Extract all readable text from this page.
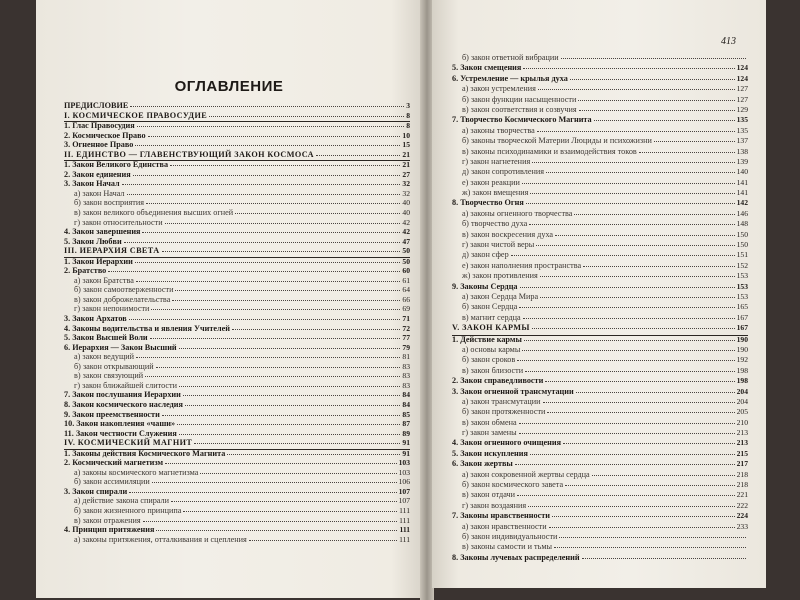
ОГЛАВЛЕНИЕ
ПРЕДИСЛОВИЕ	3
I. КОСМИЧЕСКОЕ ПРАВОСУДИЕ	8
1. Глас Правосудия	8
2. Космическое Право	10
3. Огненное Право	15
II. ЕДИНСТВО — ГЛАВЕНСТВУЮЩИЙ ЗАКОН КОСМОСА	21
1. Закон Великого Единства	21
2. Закон единения	27
3. Закон Начал	32
а) закон Начал	32
б) закон восприятия	40
в) закон великого объединения высших огней	40
г) закон относительности	42
4. Закон завершения	42
5. Закон Любви	47
III. ИЕРАРХИЯ СВЕТА	50
1. Закон Иерархии	50
2. Братство	60
а) закон Братства	61
б) закон самоотверженности	64
в) закон доброжелательства	66
г) закон непонимости	69
3. Закон Архатов	71
4. Законы водительства и явления Учителей	72
5. Закон Высшей Воли	77
6. Иерархия — Закон Высший	79
а) закон ведущий	81
б) закон открывающий	83
в) закон связующий	83
г) закон ближайшей слитости	83
7. Закон послушания Иерархии	84
8. Закон космического наследия	84
9. Закон преемственности	85
10. Закон накопления «чаши»	87
11. Закон честности Служения	89
IV. КОСМИЧЕСКИЙ МАГНИТ	91
1. Законы действия Космического Магнита	91
2. Космический магнетизм	103
а) законы космического магнетизма	103
б) закон ассимиляции	106
3. Закон спирали	107
а) действие закона спирали	107
б) закон жизненного принципа	111
в) закон отражения	111
4. Принцип притяжения	111
а) законы притяжения, отталкивания и сцепления	111
413
б) закон ответной вибрации
5. Закон смещения	124
6. Устремление — крылья духа	124
а) закон устремления	127
б) закон функции насыщенности	127
в) закон соответствия и созвучия	129
7. Творчество Космического Магнита	135
а) законы творчества	135
б) законы творческой Материи Люциды и психожизни	137
в) законы психодинамики и взаимодействия токов	138
г) закон нагнетения	139
д) закон сопротивления	140
е) закон реакции	141
ж) закон вмещения	141
8. Творчество Огня	142
а) законы огненного творчества	146
б) творчество духа	148
в) закон воскресения духа	150
г) закон чистой веры	150
д) закон сфер	151
е) закон наполнения пространства	152
ж) закон противления	153
9. Законы Сердца	153
а) закон Сердца Мира	153
б) закон Сердца	165
в) магнит сердца	167
V. ЗАКОН КАРМЫ	167
1. Действие кармы	190
а) основы кармы	190
б) закон сроков	192
в) закон близости	198
2. Закон справедливости	198
3. Закон огненной трансмутации	204
а) закон трансмутации	204
б) закон протяженности	205
в) закон обмена	210
г) закон замены	213
4. Закон огненного очищения	213
5. Закон искупления	215
6. Закон жертвы	217
а) закон сокровенной жертвы сердца	218
б) закон космического завета	218
в) закон отдачи	221
г) закон воздаяния	222
7. Законы нравственности	224
а) закон нравственности	233
б) закон индивидуальности
в) законы самости и тьмы
8. Законы лучевых распределений
